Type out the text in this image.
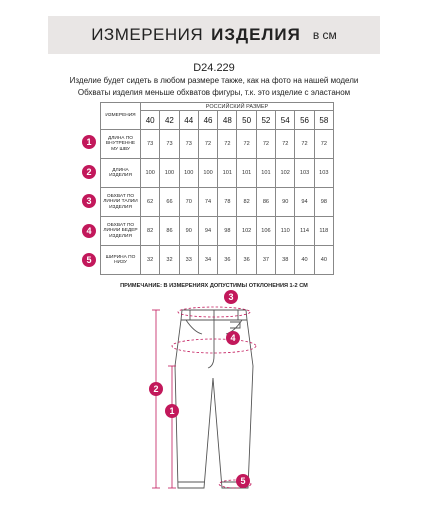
ИЗМЕРЕНИЯ ИЗДЕЛИЯ в см
D24.229
Изделие будет сидеть в любом размере также, как на фото на нашей модели
Обхваты изделия меньше обхватов фигуры, т.к. это изделие с эластаном
ИЗМЕРЕНИЯ	РОССИЙСКИЙ РАЗМЕР									
	40	42	44	46	48	50	52	54	56	58
ДЛИНА ПО ВНУТРЕННЕ МУ ШВУ	73	73	73	72	72	72	72	72	72	72
ДЛИНА ИЗДЕЛИЯ	100	100	100	100	101	101	101	102	103	103
ОБХВАТ ПО ЛИНИИ ТАЛИИ ИЗДЕЛИЯ	62	66	70	74	78	82	86	90	94	98
ОБХВАТ ПО ЛИНИИ БЕДЕР ИЗДЕЛИЯ	82	86	90	94	98	102	106	110	114	118
ШИРИНА ПО НИЗУ	32	32	33	34	36	36	37	38	40	40
1
2
3
4
5
ПРИМЕЧАНИЕ: В ИЗМЕРЕНИЯХ ДОПУСТИМЫ ОТКЛОНЕНИЯ 1-2 СМ
3
4
2
1
5
